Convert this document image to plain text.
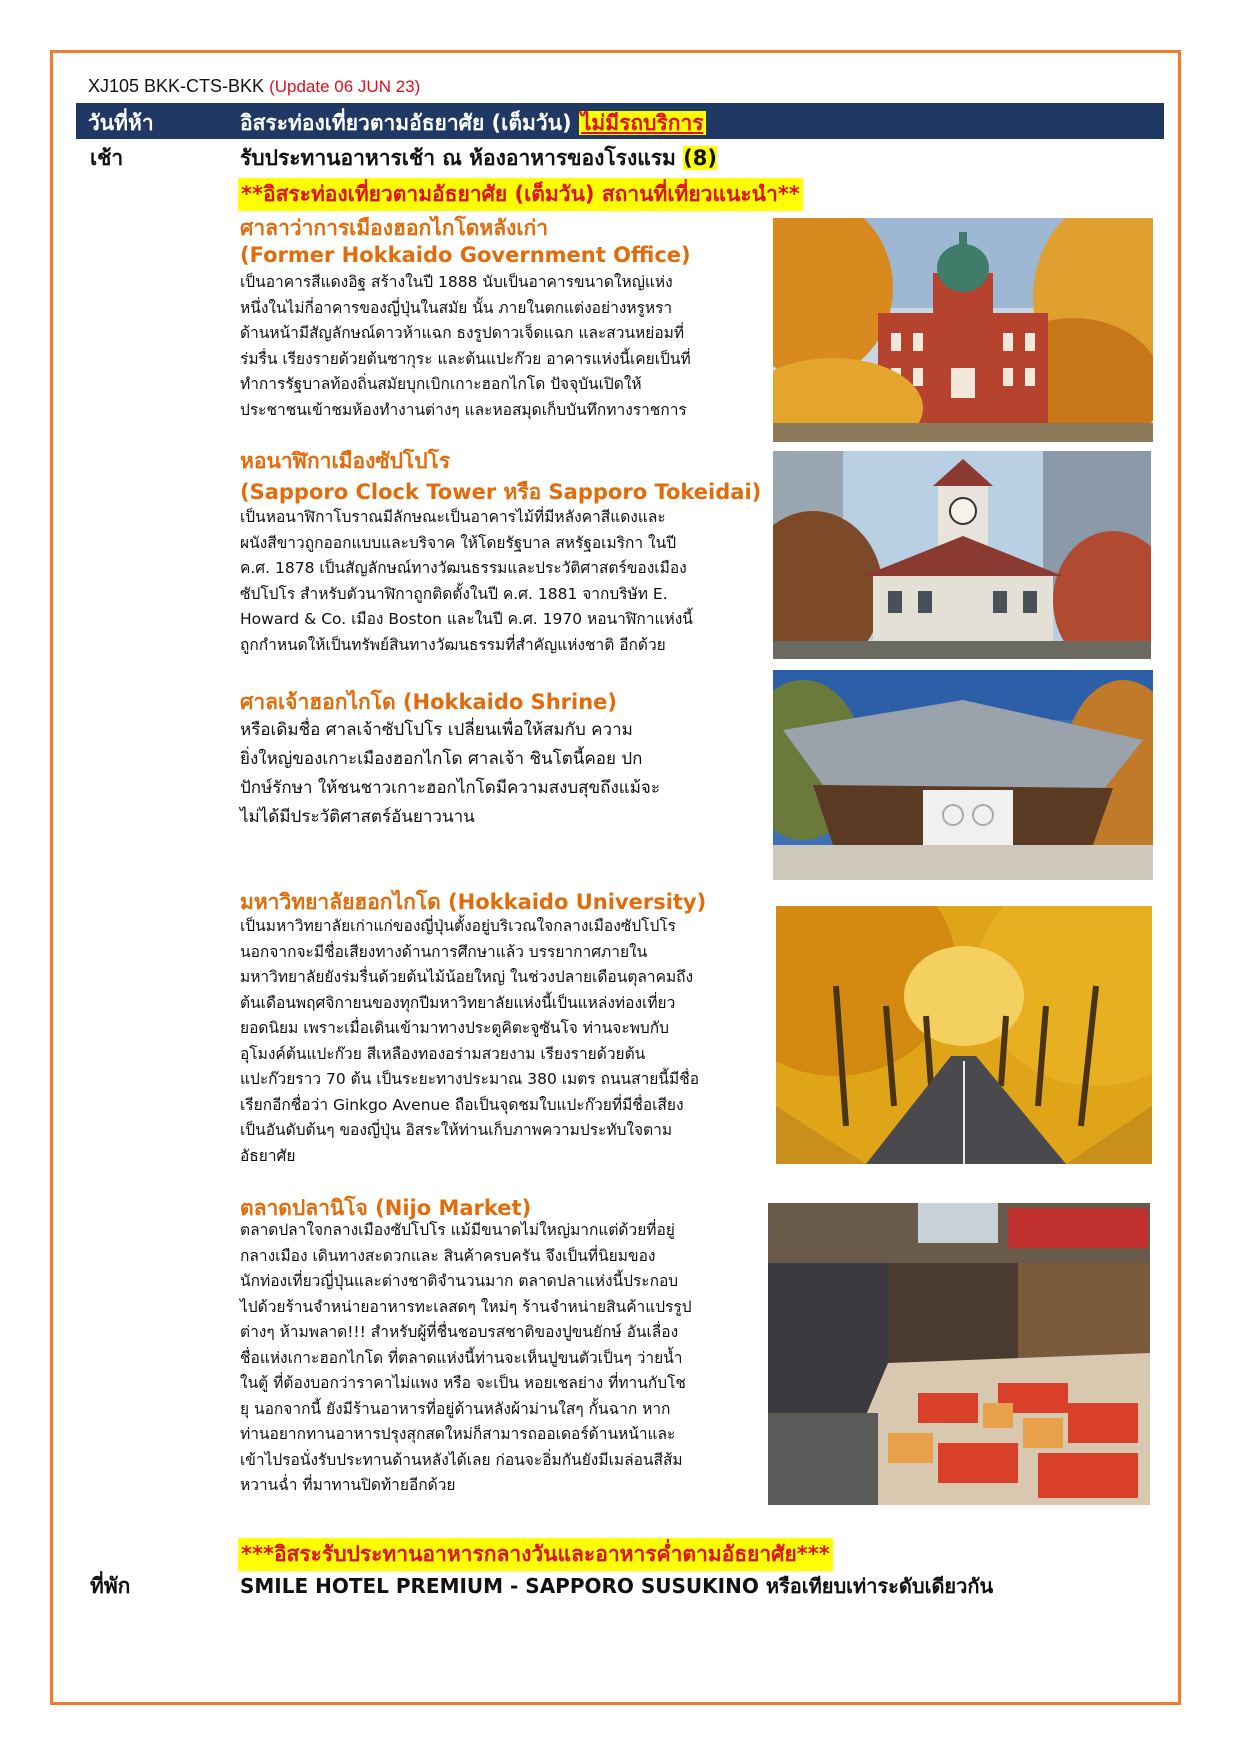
XJ105 BKK-CTS-BKK (Update 06 JUN 23)
วันที่ห้า	อิสระท่องเที่ยวตามอัธยาศัย (เต็มวัน) ไม่มีรถบริการ
เช้า	รับประทานอาหารเช้า ณ ห้องอาหารของโรงแรม (8)
**อิสระท่องเที่ยวตามอัธยาศัย (เต็มวัน) สถานที่เที่ยวแนะนำ**
ศาลาว่าการเมืองฮอกไกโดหลังเก่า
(Former Hokkaido Government Office)
เป็นอาคารสีแดงอิฐ สร้างในปี 1888 นับเป็นอาคารขนาดใหญ่แห่ง
หนึ่งในไม่กี่อาคารของญี่ปุ่นในสมัย นั้น ภายในตกแต่งอย่างหรูหรา
ด้านหน้ามีสัญลักษณ์ดาวห้าแฉก ธงรูปดาวเจ็ดแฉก และสวนหย่อมที่
ร่มรื่น เรียงรายด้วยต้นซากุระ และต้นแปะก๊วย อาคารแห่งนี้เคยเป็นที่
ทำการรัฐบาลท้องถิ่นสมัยบุกเบิกเกาะฮอกไกโด ปัจจุบันเปิดให้
ประชาชนเข้าชมห้องทำงานต่างๆ และหอสมุดเก็บบันทึกทางราชการ
หอนาฬิกาเมืองซัปโปโร
(Sapporo Clock Tower หรือ Sapporo Tokeidai)
เป็นหอนาฬิกาโบราณมีลักษณะเป็นอาคารไม้ที่มีหลังคาสีแดงและ
ผนังสีขาวถูกออกแบบและบริจาค ให้โดยรัฐบาล สหรัฐอเมริกา ในปี
ค.ศ. 1878 เป็นสัญลักษณ์ทางวัฒนธรรมและประวัติศาสตร์ของเมือง
ซัปโปโร สำหรับตัวนาฬิกาถูกติดตั้งในปี ค.ศ. 1881 จากบริษัท E.
Howard & Co. เมือง Boston และในปี ค.ศ. 1970 หอนาฬิกาแห่งนี้
ถูกกำหนดให้เป็นทรัพย์สินทางวัฒนธรรมที่สำคัญแห่งชาติ อีกด้วย
ศาลเจ้าฮอกไกโด (Hokkaido Shrine)
หรือเดิมชื่อ ศาลเจ้าซัปโปโร เปลี่ยนเพื่อให้สมกับ ความ
ยิ่งใหญ่ของเกาะเมืองฮอกไกโด ศาลเจ้า ชินโตนี้คอย ปก
ปักษ์รักษา ให้ชนชาวเกาะฮอกไกโดมีความสงบสุขถึงแม้จะ
ไม่ได้มีประวัติศาสตร์อันยาวนาน
มหาวิทยาลัยฮอกไกโด (Hokkaido University)
เป็นมหาวิทยาลัยเก่าแก่ของญี่ปุ่นตั้งอยู่บริเวณใจกลางเมืองซัปโปโร
นอกจากจะมีชื่อเสียงทางด้านการศึกษาแล้ว บรรยากาศภายใน
มหาวิทยาลัยยังร่มรื่นด้วยต้นไม้น้อยใหญ่ ในช่วงปลายเดือนตุลาคมถึง
ต้นเดือนพฤศจิกายนของทุกปีมหาวิทยาลัยแห่งนี้เป็นแหล่งท่องเที่ยว
ยอดนิยม เพราะเมื่อเดินเข้ามาทางประตูคิตะจูซันโจ ท่านจะพบกับ
อุโมงค์ต้นแปะก๊วย สีเหลืองทองอร่ามสวยงาม เรียงรายด้วยต้น
แปะก๊วยราว 70 ต้น เป็นระยะทางประมาณ 380 เมตร ถนนสายนี้มีชื่อ
เรียกอีกชื่อว่า Ginkgo Avenue ถือเป็นจุดชมใบแปะก๊วยที่มีชื่อเสียง
เป็นอันดับต้นๆ ของญี่ปุ่น อิสระให้ท่านเก็บภาพความประทับใจตาม
อัธยาศัย
ตลาดปลานิโจ (Nijo Market)
ตลาดปลาใจกลางเมืองซัปโปโร แม้มีขนาดไม่ใหญ่มากแต่ด้วยที่อยู่
กลางเมือง เดินทางสะดวกและ สินค้าครบครัน จึงเป็นที่นิยมของ
นักท่องเที่ยวญี่ปุ่นและต่างชาติจำนวนมาก ตลาดปลาแห่งนี้ประกอบ
ไปด้วยร้านจำหน่ายอาหารทะเลสดๆ ใหม่ๆ ร้านจำหน่ายสินค้าแปรรูป
ต่างๆ ห้ามพลาด!!! สำหรับผู้ที่ชื่นชอบรสชาติของปูขนยักษ์ อันเลื่อง
ชื่อแห่งเกาะฮอกไกโด ที่ตลาดแห่งนี้ท่านจะเห็นปูขนตัวเป็นๆ ว่ายน้ำ
ในตู้ ที่ต้องบอกว่าราคาไม่แพง หรือ จะเป็น หอยเชลย่าง ที่ทานกับโช
ยุ นอกจากนี้ ยังมีร้านอาหารที่อยู่ด้านหลังผ้าม่านใสๆ กั้นฉาก หาก
ท่านอยากทานอาหารปรุงสุกสดใหม่ก็สามารถออเดอร์ด้านหน้าและ
เข้าไปรอนั่งรับประทานด้านหลังได้เลย ก่อนจะอิ่มกันยังมีเมล่อนสีส้ม
หวานฉ่ำ ที่มาทานปิดท้ายอีกด้วย
***อิสระรับประทานอาหารกลางวันและอาหารค่ำตามอัธยาศัย***
ที่พัก	SMILE HOTEL PREMIUM - SAPPORO SUSUKINO หรือเทียบเท่าระดับเดียวกัน
